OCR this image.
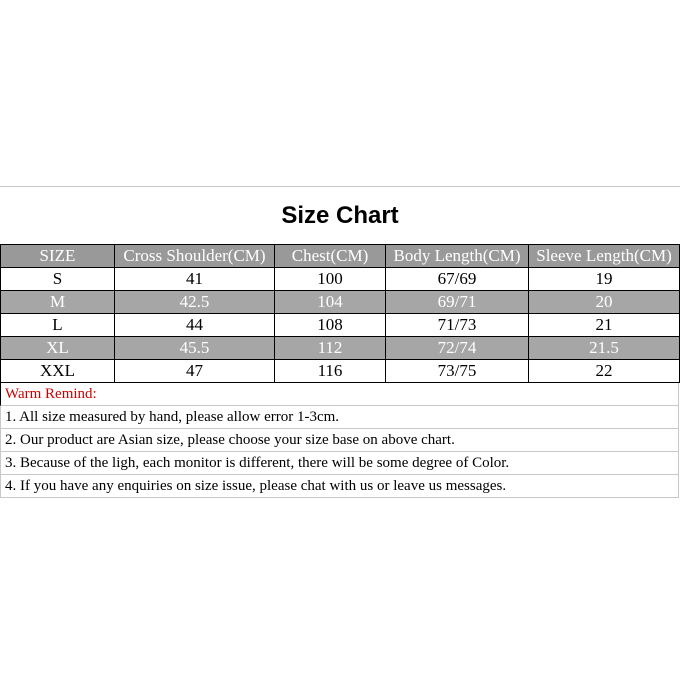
Size Chart
SIZE	Cross Shoulder(CM)	Chest(CM)	Body Length(CM)	Sleeve Length(CM)
S	41	100	67/69	19
M	42.5	104	69/71	20
L	44	108	71/73	21
XL	45.5	112	72/74	21.5
XXL	47	116	73/75	22
Warm Remind:
1. All size measured by hand, please allow error 1-3cm.
2. Our product are Asian size, please choose your size base on above chart.
3. Because of the ligh, each monitor is different, there will be some degree of Color.
4. If you have any enquiries on size issue, please chat with us or leave us messages.
